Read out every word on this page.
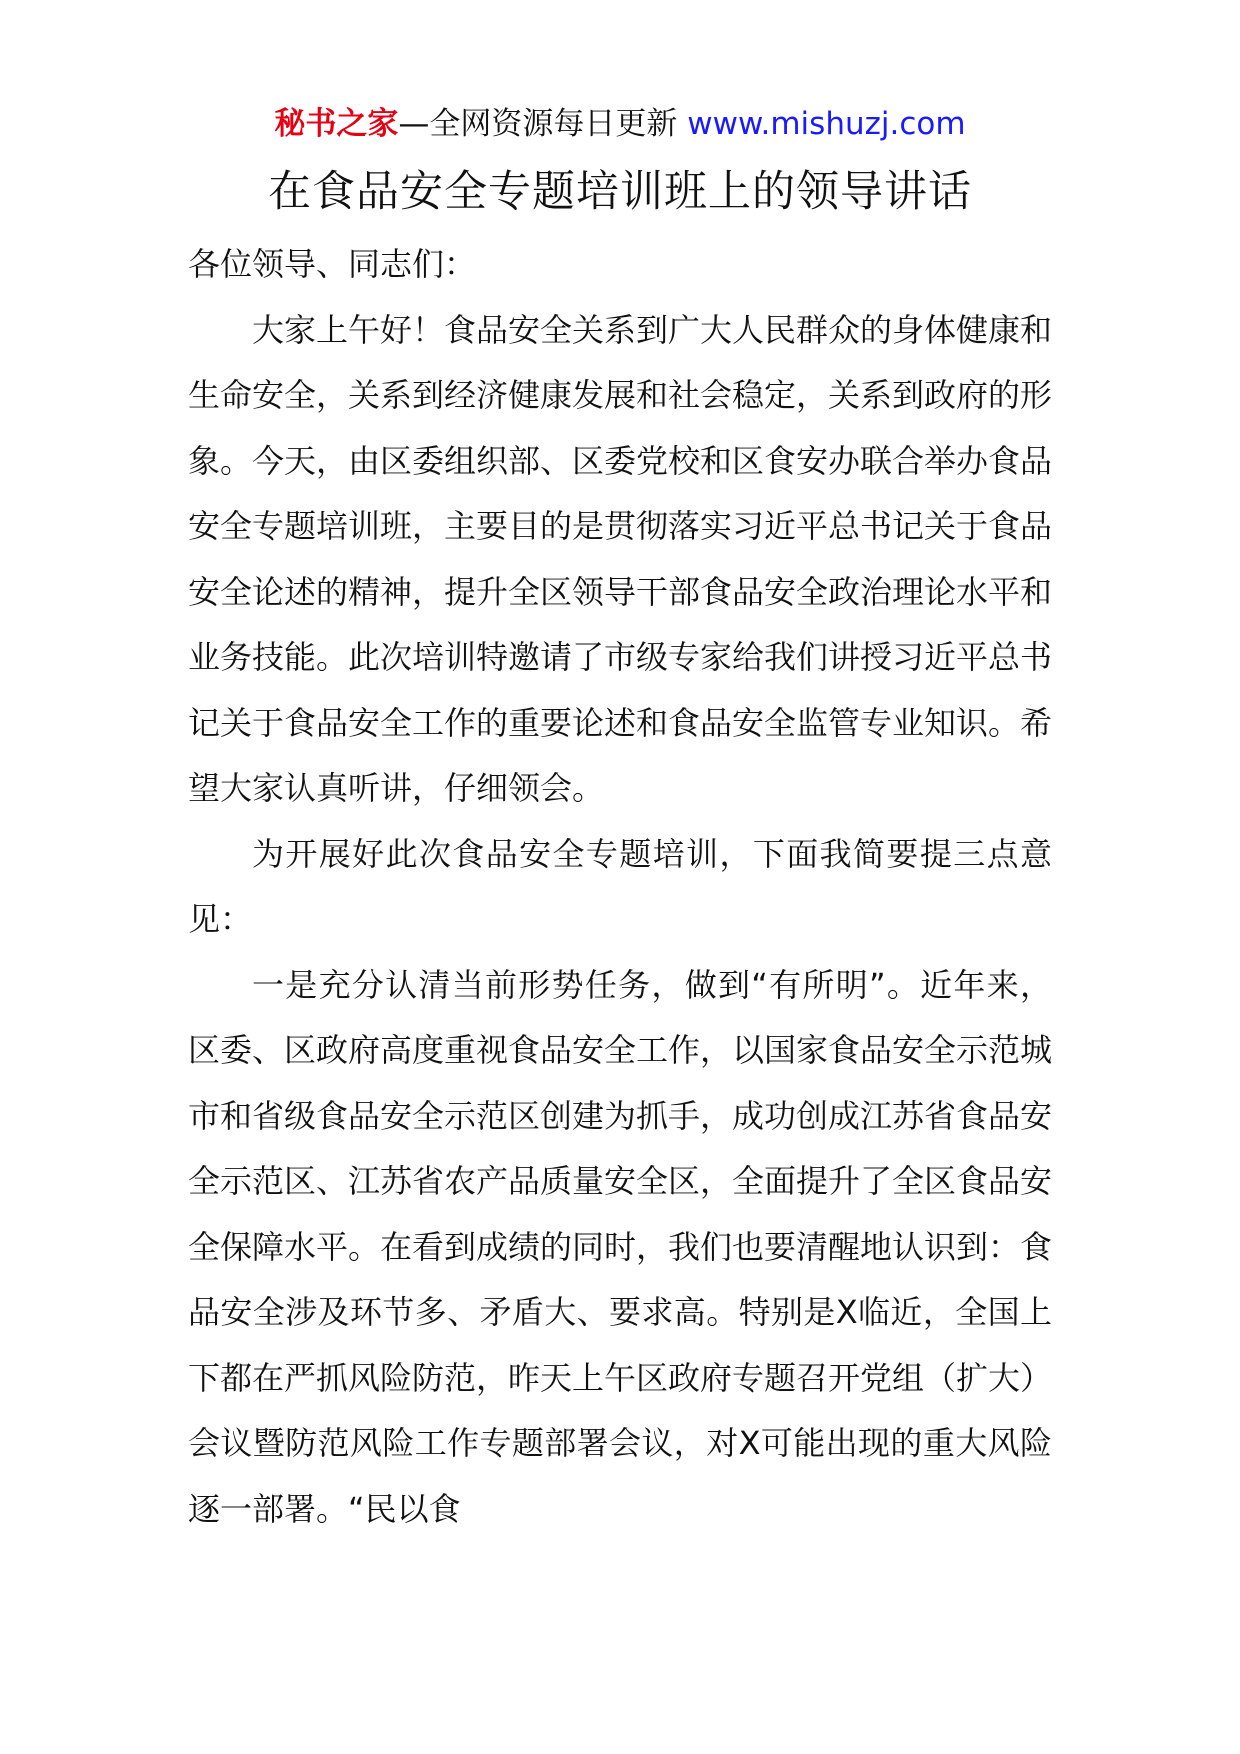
秘书之家—全网资源每日更新 www.mishuzj.com
在食品安全专题培训班上的领导讲话

各位领导、同志们：

大家上午好！食品安全关系到广大人民群众的身体健康和生命安全，关系到经济健康发展和社会稳定，关系到政府的形象。今天，由区委组织部、区委党校和区食安办联合举办食品安全专题培训班，主要目的是贯彻落实习近平总书记关于食品安全论述的精神，提升全区领导干部食品安全政治理论水平和业务技能。此次培训特邀请了市级专家给我们讲授习近平总书记关于食品安全工作的重要论述和食品安全监管专业知识。希望大家认真听讲，仔细领会。

为开展好此次食品安全专题培训，下面我简要提三点意见：

一是充分认清当前形势任务，做到“有所明”。近年来，区委、区政府高度重视食品安全工作，以国家食品安全示范城市和省级食品安全示范区创建为抓手，成功创成江苏省食品安全示范区、江苏省农产品质量安全区，全面提升了全区食品安全保障水平。在看到成绩的同时，我们也要清醒地认识到：食品安全涉及环节多、矛盾大、要求高。特别是X临近，全国上下都在严抓风险防范，昨天上午区政府专题召开党组（扩大）会议暨防范风险工作专题部署会议，对X可能出现的重大风险逐一部署。“民以食
